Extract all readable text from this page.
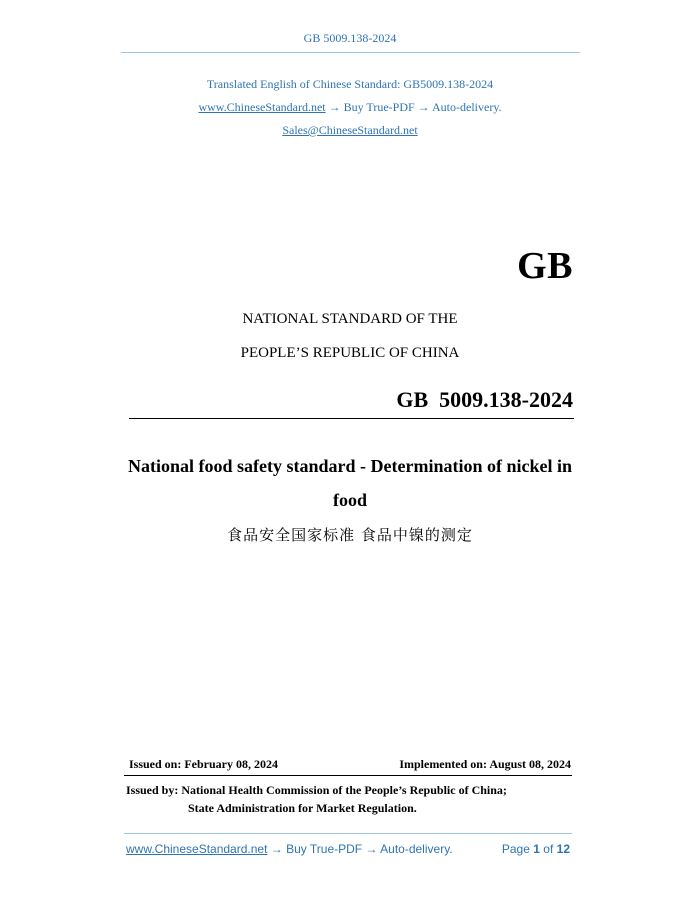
GB 5009.138-2024
Translated English of Chinese Standard: GB5009.138-2024
www.ChineseStandard.net → Buy True-PDF → Auto-delivery.
Sales@ChineseStandard.net
GB
NATIONAL STANDARD OF THE
PEOPLE’S REPUBLIC OF CHINA
GB  5009.138-2024
National food safety standard - Determination of nickel in
food
食品安全国家标准 食品中镍的测定
Issued on: February 08, 2024	Implemented on: August 08, 2024
Issued by: National Health Commission of the People’s Republic of China;
State Administration for Market Regulation.
www.ChineseStandard.net → Buy True-PDF → Auto-delivery.	Page 1 of 12
